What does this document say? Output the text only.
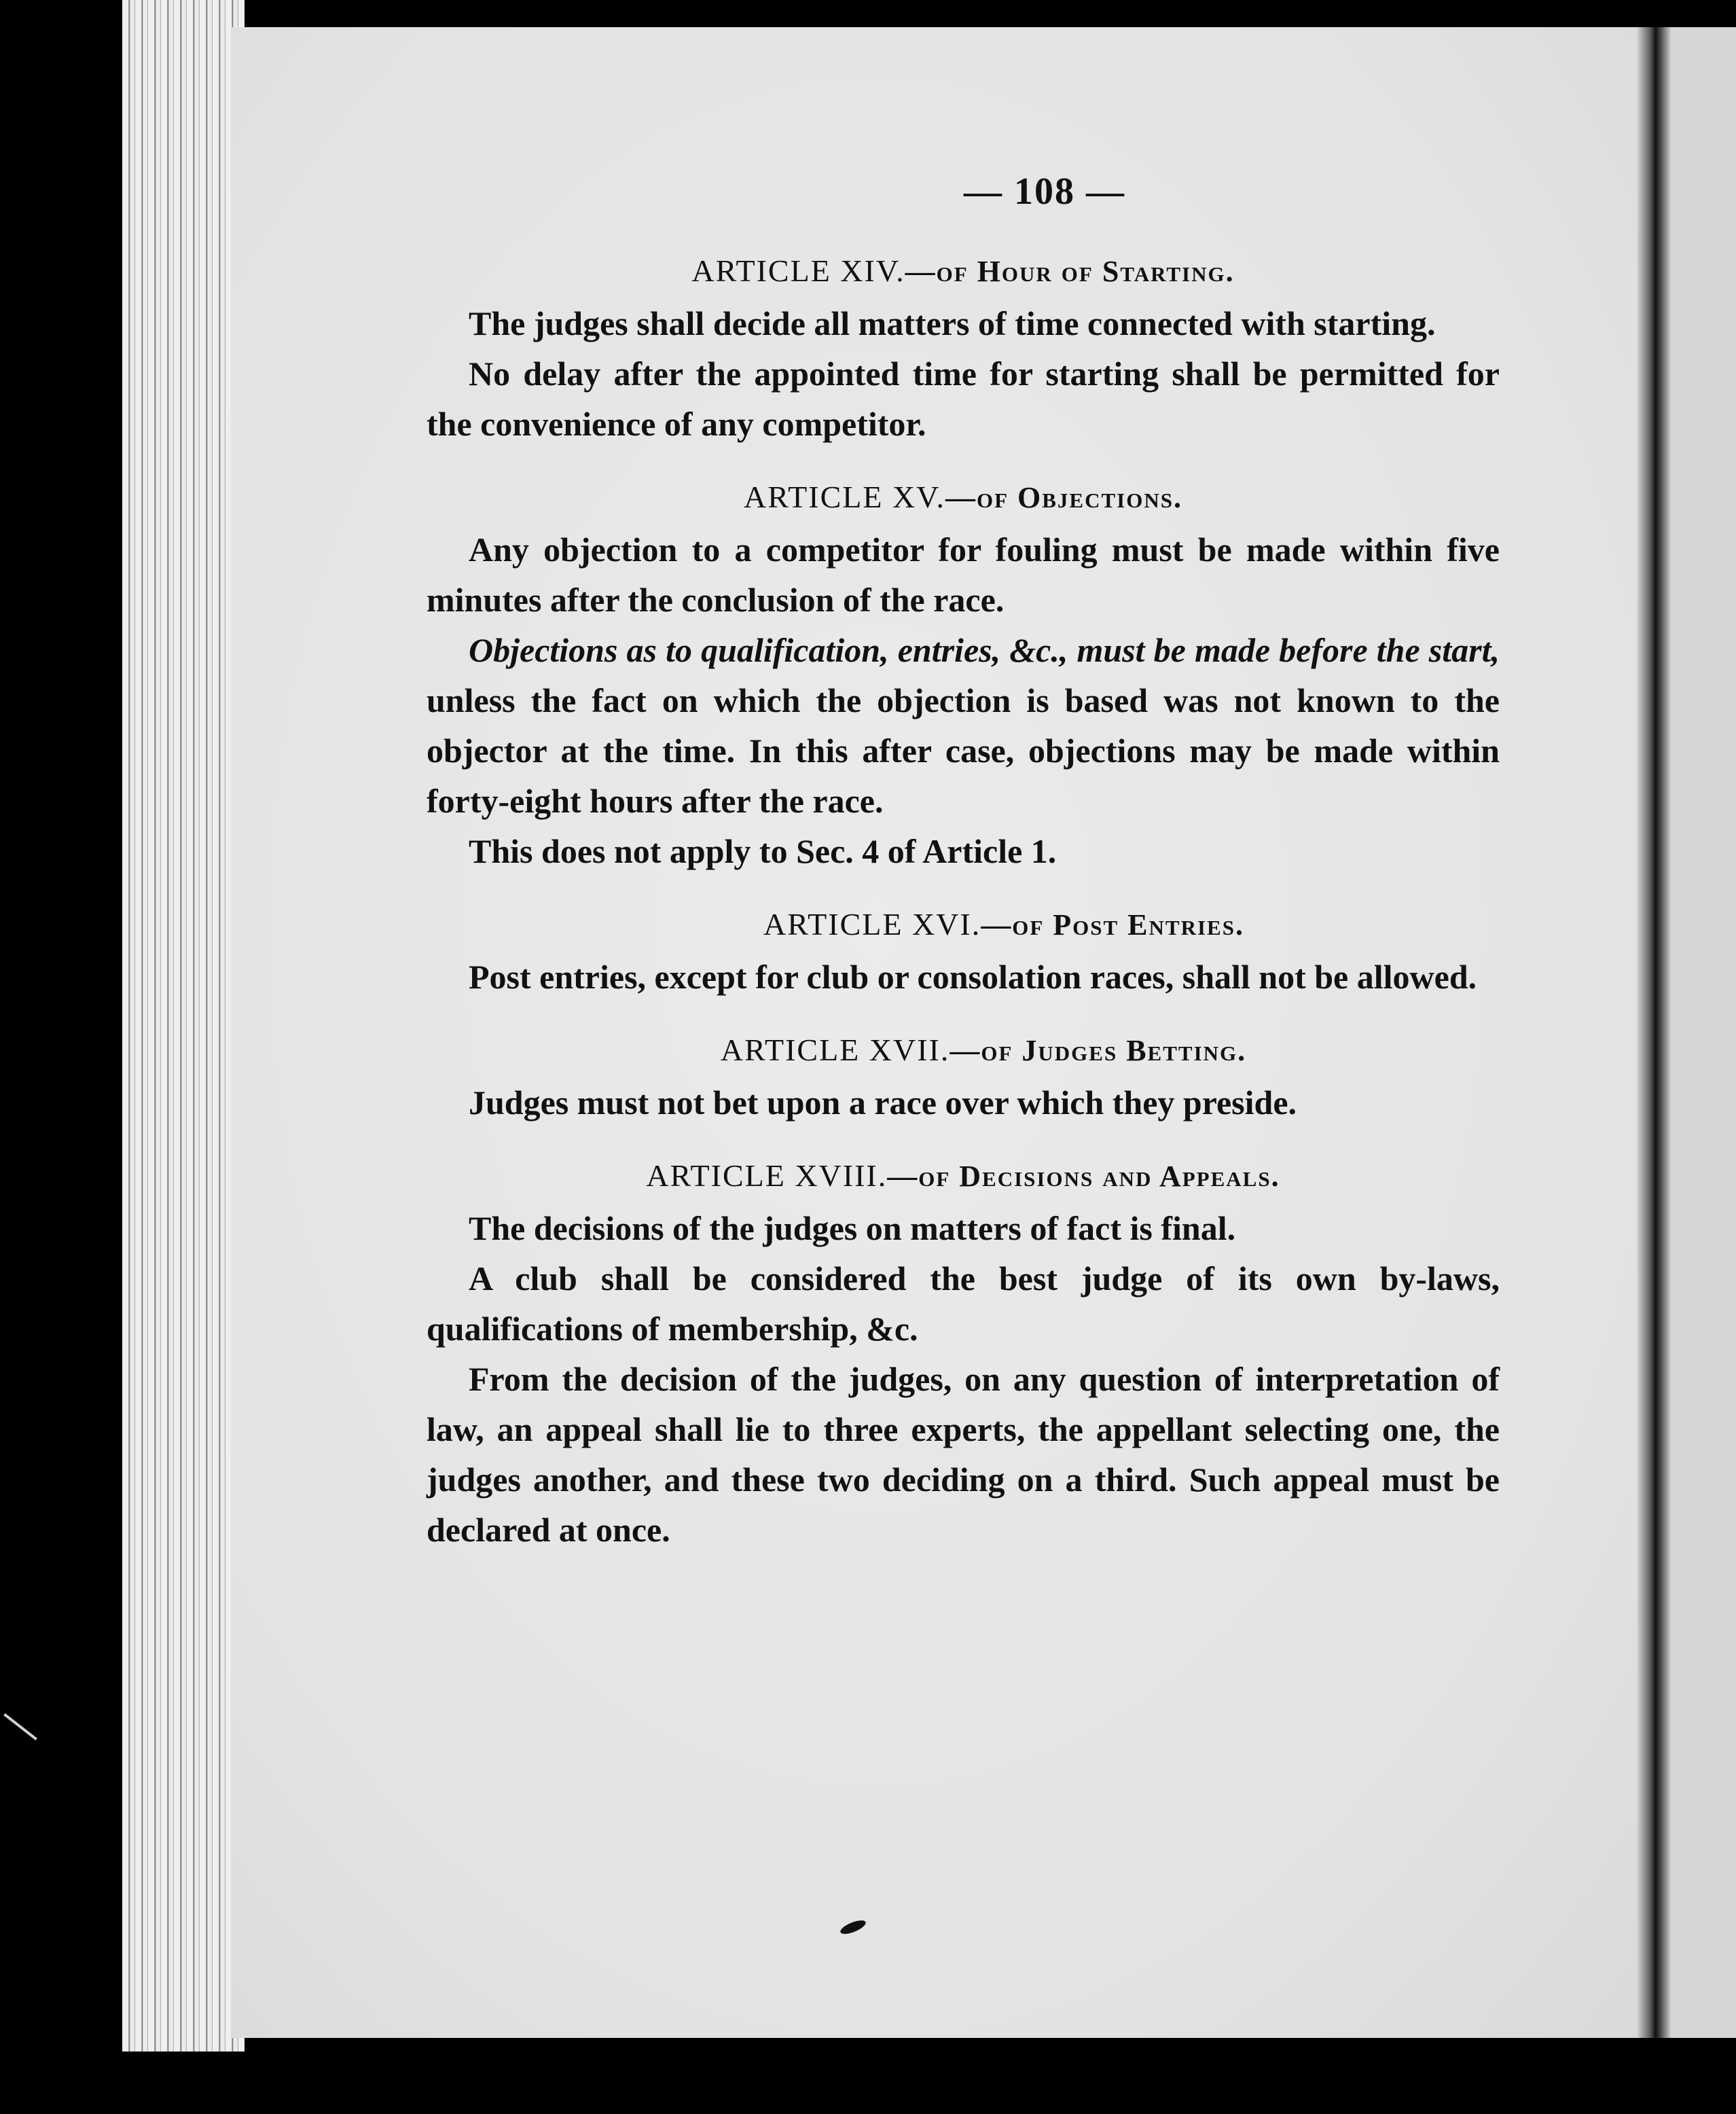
— 108 —
ARTICLE XIV.—of Hour of Starting.

The judges shall decide all matters of time connected with starting.

No delay after the appointed time for starting shall be permitted for the convenience of any competitor.

ARTICLE XV.—of Objections.

Any objection to a competitor for fouling must be made within five minutes after the conclusion of the race.

Objections as to qualification, entries, &c., must be made before the start, unless the fact on which the objection is based was not known to the objector at the time. In this after case, objections may be made within forty-eight hours after the race.

This does not apply to Sec. 4 of Article 1.

ARTICLE XVI.—of Post Entries.

Post entries, except for club or consolation races, shall not be allowed.

ARTICLE XVII.—of Judges Betting.

Judges must not bet upon a race over which they preside.

ARTICLE XVIII.—of Decisions and Appeals.

The decisions of the judges on matters of fact is final.

A club shall be considered the best judge of its own by-laws, qualifications of membership, &c.

From the decision of the judges, on any question of interpretation of law, an appeal shall lie to three experts, the appellant selecting one, the judges another, and these two deciding on a third. Such appeal must be declared at once.
